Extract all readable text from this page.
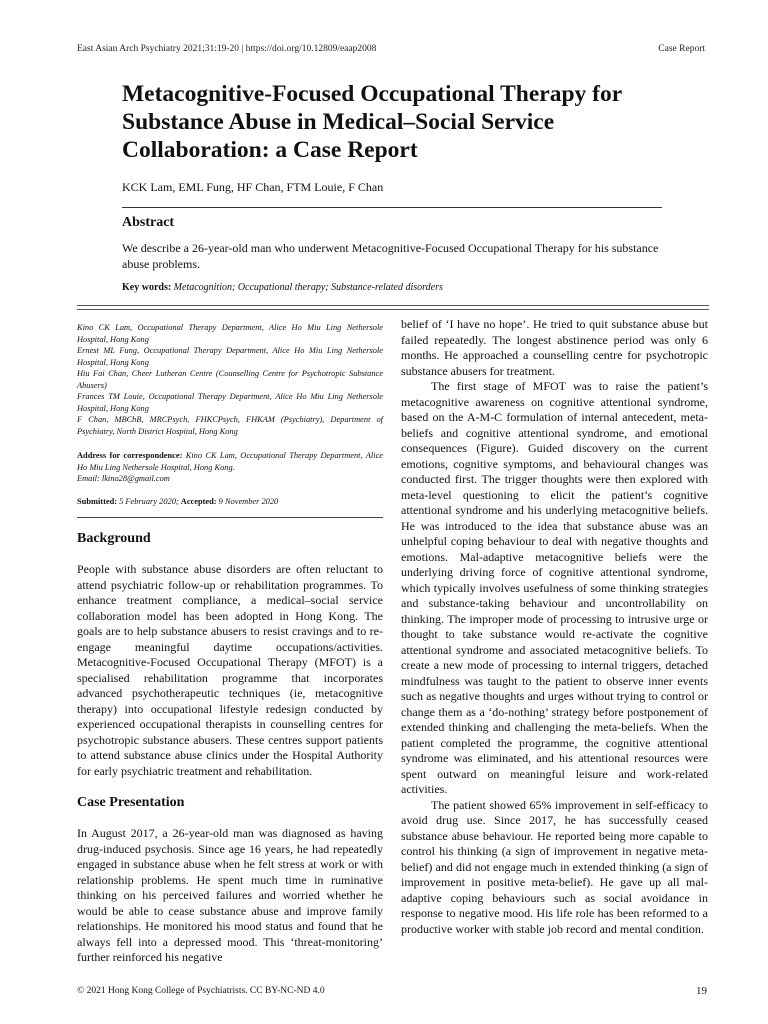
East Asian Arch Psychiatry 2021;31:19-20 | https://doi.org/10.12809/eaap2008	Case Report
Metacognitive-Focused Occupational Therapy for Substance Abuse in Medical–Social Service Collaboration: a Case Report
KCK Lam, EML Fung, HF Chan, FTM Louie, F Chan
Abstract
We describe a 26-year-old man who underwent Metacognitive-Focused Occupational Therapy for his substance abuse problems.
Key words: Metacognition; Occupational therapy; Substance-related disorders

Kino CK Lam, Occupational Therapy Department, Alice Ho Miu Ling Nethersole Hospital, Hong Kong

Ernest ML Fung, Occupational Therapy Department, Alice Ho Miu Ling Nethersole Hospital, Hong Kong

Hiu Fai Chan, Cheer Lutheran Centre (Counselling Centre for Psychotropic Substance Abusers)

Frances TM Louie, Occupational Therapy Department, Alice Ho Miu Ling Nethersole Hospital, Hong Kong

F Chan, MBChB, MRCPsych, FHKCPsych, FHKAM (Psychiatry), Department of Psychiatry, North District Hospital, Hong Kong

Address for correspondence: Kino CK Lam, Occupational Therapy Department, Alice Ho Miu Ling Nethersole Hospital, Hong Kong.

Email: lkino28@gmail.com

Submitted: 5 February 2020; Accepted: 9 November 2020
Background
People with substance abuse disorders are often reluctant to attend psychiatric follow-up or rehabilitation programmes. To enhance treatment compliance, a medical–social service collaboration model has been adopted in Hong Kong. The goals are to help substance abusers to resist cravings and to re-engage meaningful daytime occupations/activities. Metacognitive-Focused Occupational Therapy (MFOT) is a specialised rehabilitation programme that incorporates advanced psychotherapeutic techniques (ie, metacognitive therapy) into occupational lifestyle redesign conducted by experienced occupational therapists in counselling centres for psychotropic substance abusers. These centres support patients to attend substance abuse clinics under the Hospital Authority for early psychiatric treatment and rehabilitation.
Case Presentation
In August 2017, a 26-year-old man was diagnosed as having drug-induced psychosis. Since age 16 years, he had repeatedly engaged in substance abuse when he felt stress at work or with relationship problems. He spent much time in ruminative thinking on his perceived failures and worried whether he would be able to cease substance abuse and improve family relationships. He monitored his mood status and found that he always fell into a depressed mood. This ‘threat-monitoring’ further reinforced his negative

belief of ‘I have no hope’. He tried to quit substance abuse but failed repeatedly. The longest abstinence period was only 6 months. He approached a counselling centre for psychotropic substance abusers for treatment.

The first stage of MFOT was to raise the patient’s metacognitive awareness on cognitive attentional syndrome, based on the A-M-C formulation of internal antecedent, meta-beliefs and cognitive attentional syndrome, and emotional consequences (Figure). Guided discovery on the current emotions, cognitive symptoms, and behavioural changes was conducted first. The trigger thoughts were then explored with meta-level questioning to elicit the patient’s cognitive attentional syndrome and his underlying metacognitive beliefs. He was introduced to the idea that substance abuse was an unhelpful coping behaviour to deal with negative thoughts and emotions. Mal-adaptive metacognitive beliefs were the underlying driving force of cognitive attentional syndrome, which typically involves usefulness of some thinking strategies and substance-taking behaviour and uncontrollability on thinking. The improper mode of processing to intrusive urge or thought to take substance would re-activate the cognitive attentional syndrome and associated metacognitive beliefs. To create a new mode of processing to internal triggers, detached mindfulness was taught to the patient to observe inner events such as negative thoughts and urges without trying to control or change them as a ‘do-nothing’ strategy before postponement of extended thinking and challenging the meta-beliefs. When the patient completed the programme, the cognitive attentional syndrome was eliminated, and his attentional resources were spent outward on meaningful leisure and work-related activities.

The patient showed 65% improvement in self-efficacy to avoid drug use. Since 2017, he has successfully ceased substance abuse behaviour. He reported being more capable to control his thinking (a sign of improvement in negative meta-belief) and did not engage much in extended thinking (a sign of improvement in positive meta-belief). He gave up all mal-adaptive coping behaviours such as social avoidance in response to negative mood. His life role has been reformed to a productive worker with stable job record and mental condition.

© 2021 Hong Kong College of Psychiatrists. CC BY-NC-ND 4.0	19
